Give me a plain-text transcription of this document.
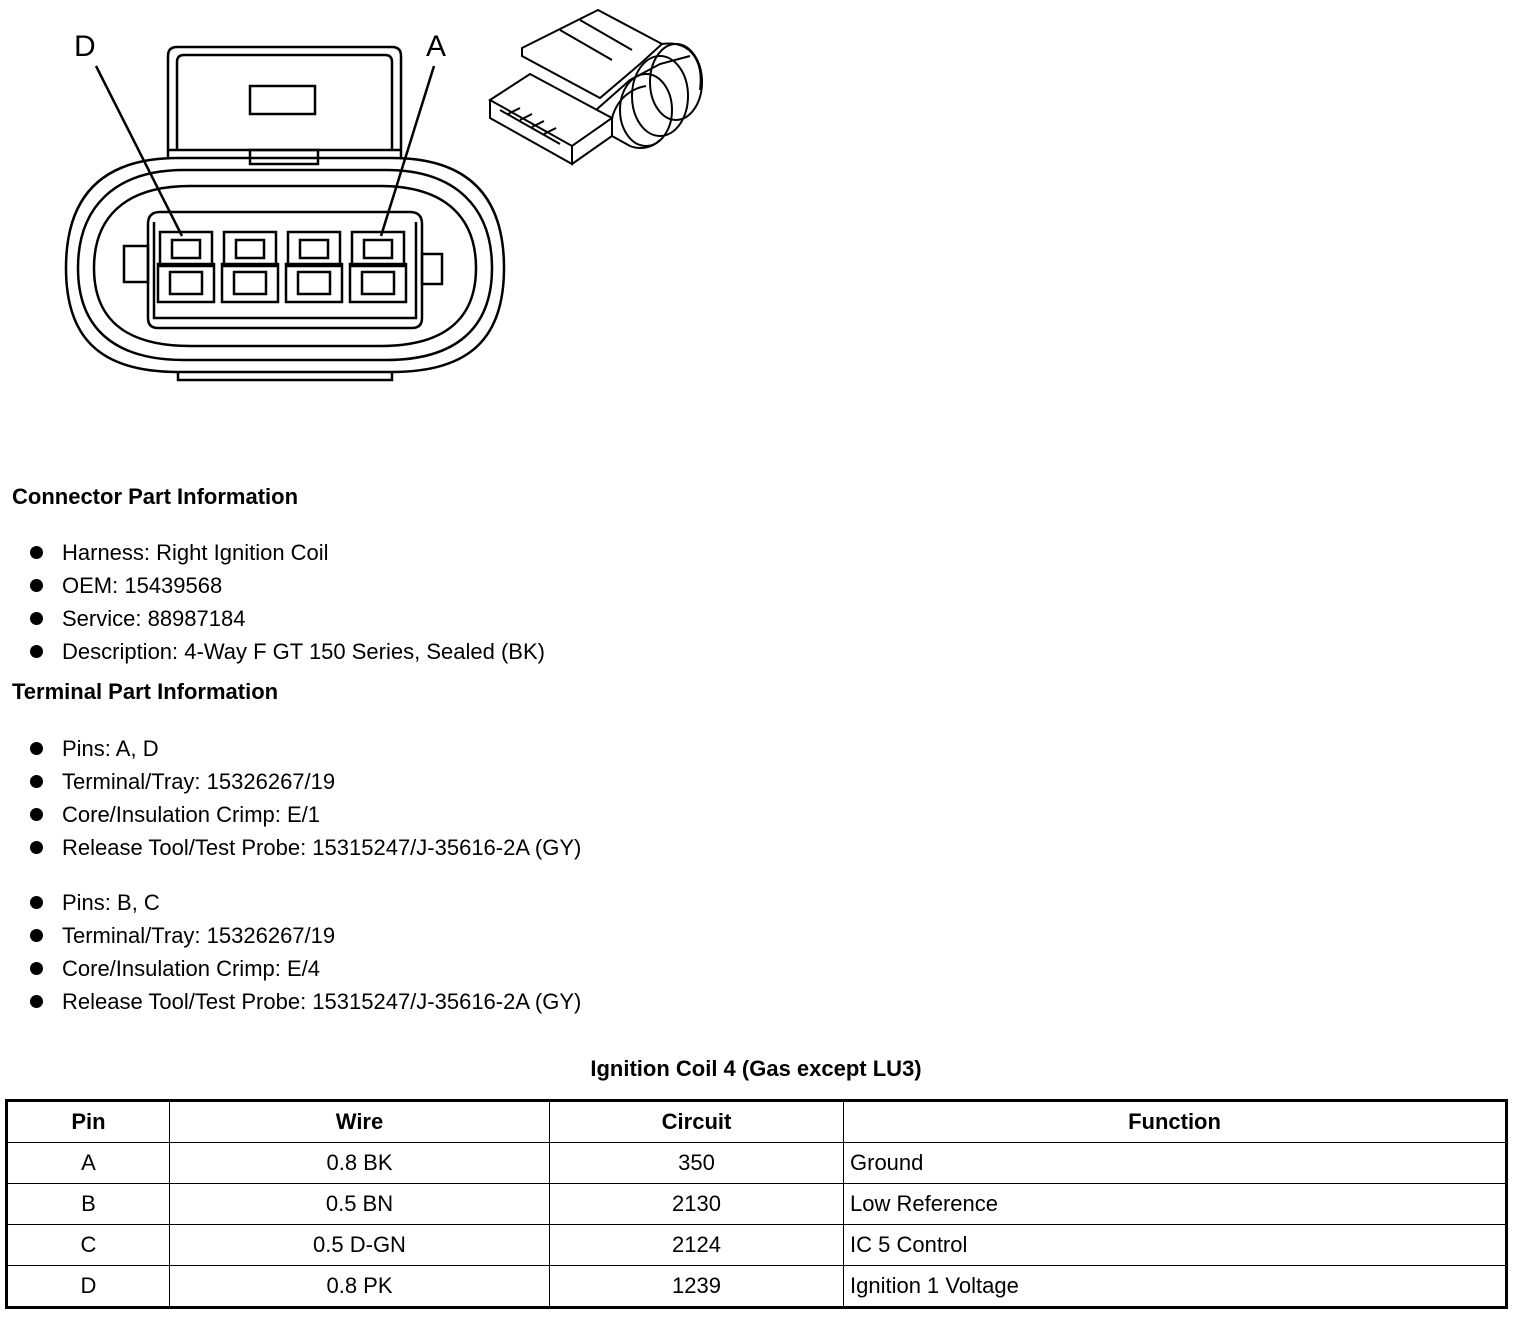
D	A
Connector Part Information
Harness: Right Ignition Coil
OEM: 15439568
Service: 88987184
Description: 4-Way F GT 150 Series, Sealed (BK)
Terminal Part Information
Pins: A, D
Terminal/Tray: 15326267/19
Core/Insulation Crimp: E/1
Release Tool/Test Probe: 15315247/J-35616-2A (GY)
Pins: B, C
Terminal/Tray: 15326267/19
Core/Insulation Crimp: E/4
Release Tool/Test Probe: 15315247/J-35616-2A (GY)
Ignition Coil 4 (Gas except LU3)
Pin	Wire	Circuit	Function
A	0.8 BK	350	Ground
B	0.5 BN	2130	Low Reference
C	0.5 D-GN	2124	IC 5 Control
D	0.8 PK	1239	Ignition 1 Voltage
